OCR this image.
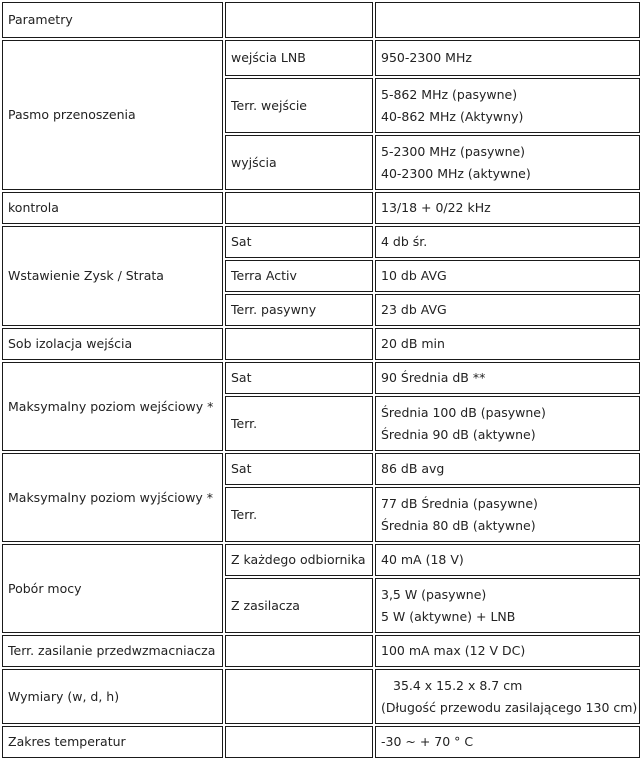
Parametry		
Pasmo przenoszenia	wejścia LNB	950-2300 MHz
	Terr. wejście	5-862 MHz (pasywne)
40-862 MHz (Aktywny)

	wyjścia	5-2300 MHz (pasywne)
40-2300 MHz (aktywne)

kontrola		13/18 + 0/22 kHz
Wstawienie Zysk / Strata	Sat	4 db śr.
	Terra Activ	10 db AVG
	Terr. pasywny	23 db AVG
Sob izolacja wejścia		20 dB min
Maksymalny poziom wejściowy *	Sat	90 Średnia dB **
	Terr.	Średnia 100 dB (pasywne)
Średnia 90 dB (aktywne)

Maksymalny poziom wyjściowy *	Sat	86 dB avg
	Terr.	77 dB Średnia (pasywne)
Średnia 80 dB (aktywne)

Pobór mocy	Z każdego odbiornika	40 mA (18 V)
	Z zasilacza	3,5 W (pasywne)
5 W (aktywne) + LNB

Terr. zasilanie przedwzmacniacza		100 mA max (12 V DC)
Wymiary (w, d, h)		35.4 x 15.2 x 8.7 cm
(Długość przewodu zasilającego 130 cm)

Zakres temperatur		-30 ~ + 70 ° C
